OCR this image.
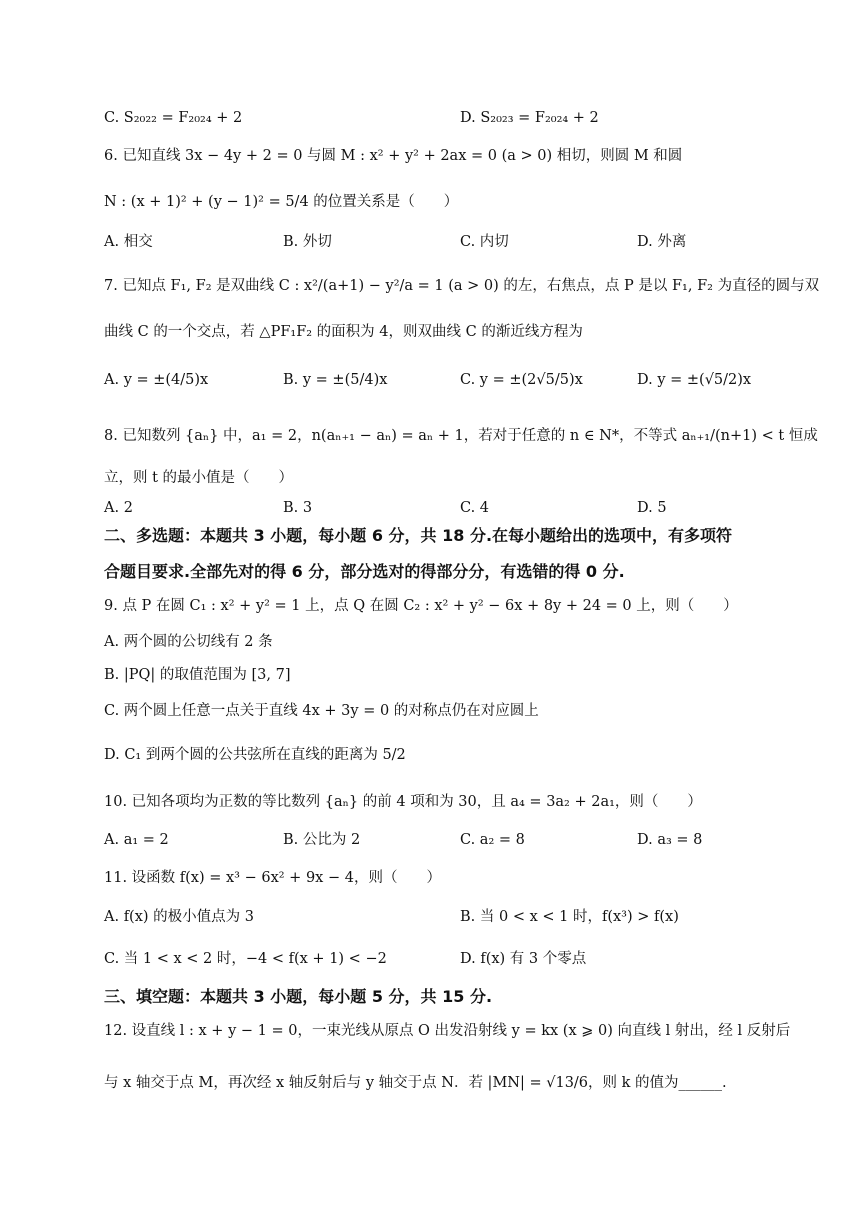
C. S₂₀₂₂ = F₂₀₂₄ + 2	D. S₂₀₂₃ = F₂₀₂₄ + 2
6. 已知直线 3x − 4y + 2 = 0 与圆 M : x² + y² + 2ax = 0 (a > 0) 相切，则圆 M 和圆
N : (x + 1)² + (y − 1)² = 5/4 的位置关系是（　　）
A. 相交	B. 外切	C. 内切	D. 外离
7. 已知点 F₁, F₂ 是双曲线 C : x²/(a+1) − y²/a = 1 (a > 0) 的左，右焦点，点 P 是以 F₁, F₂ 为直径的圆与双
曲线 C 的一个交点，若 △PF₁F₂ 的面积为 4，则双曲线 C 的渐近线方程为
A. y = ±(4/5)x	B. y = ±(5/4)x	C. y = ±(2√5/5)x	D. y = ±(√5/2)x
8. 已知数列 {aₙ} 中，a₁ = 2，n(aₙ₊₁ − aₙ) = aₙ + 1，若对于任意的 n ∈ N*，不等式 aₙ₊₁/(n+1) < t 恒成
立，则 t 的最小值是（　　）
A. 2	B. 3	C. 4	D. 5
9. 点 P 在圆 C₁ : x² + y² = 1 上，点 Q 在圆 C₂ : x² + y² − 6x + 8y + 24 = 0 上，则（　　）
A. 两个圆的公切线有 2 条
B. |PQ| 的取值范围为 [3, 7]
C. 两个圆上任意一点关于直线 4x + 3y = 0 的对称点仍在对应圆上
D. C₁ 到两个圆的公共弦所在直线的距离为 5/2
10. 已知各项均为正数的等比数列 {aₙ} 的前 4 项和为 30，且 a₄ = 3a₂ + 2a₁，则（　　）
A. a₁ = 2	B. 公比为 2	C. a₂ = 8	D. a₃ = 8
11. 设函数 f(x) = x³ − 6x² + 9x − 4，则（　　）
A. f(x) 的极小值点为 3	B. 当 0 < x < 1 时，f(x³) > f(x)
C. 当 1 < x < 2 时，−4 < f(x + 1) < −2	D. f(x) 有 3 个零点
12. 设直线 l : x + y − 1 = 0，一束光线从原点 O 出发沿射线 y = kx (x ⩾ 0) 向直线 l 射出，经 l 反射后
与 x 轴交于点 M，再次经 x 轴反射后与 y 轴交于点 N．若 |MN| = √13/6，则 k 的值为______.
二、多选题：本题共 3 小题，每小题 6 分，共 18 分.在每小题给出的选项中，有多项符
合题目要求.全部先对的得 6 分，部分选对的得部分分，有选错的得 0 分.
三、填空题：本题共 3 小题，每小题 5 分，共 15 分.
